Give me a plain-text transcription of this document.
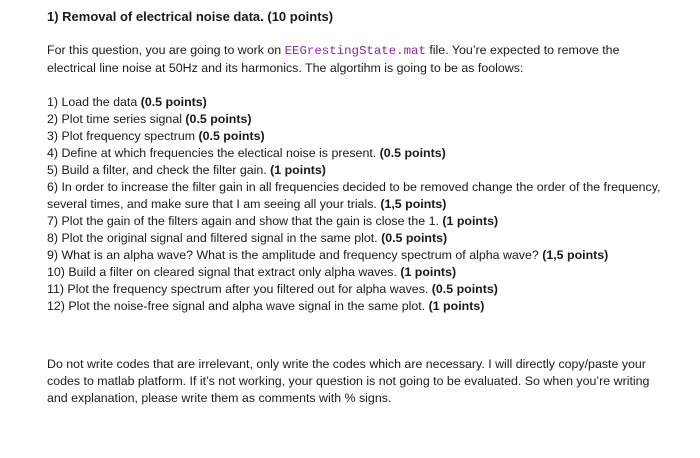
1) Removal of electrical noise data. (10 points)

For this question, you are going to work on EEGrestingState.mat file. You’re expected to remove the electrical line noise at 50Hz and its harmonics. The algortihm is going to be as foolows:

1) Load the data (0.5 points)
2) Plot time series signal (0.5 points)
3) Plot frequency spectrum (0.5 points)
4) Define at which frequencies the electical noise is present. (0.5 points)
5) Build a filter, and check the filter gain. (1 points)
6) In order to increase the filter gain in all frequencies decided to be removed change the order of the frequency, several times, and make sure that I am seeing all your trials. (1,5 points)
7) Plot the gain of the filters again and show that the gain is close the 1. (1 points)
8) Plot the original signal and filtered signal in the same plot. (0.5 points)
9) What is an alpha wave? What is the amplitude and frequency spectrum of alpha wave? (1,5 points)
10) Build a filter on cleared signal that extract only alpha waves. (1 points)
11) Plot the frequency spectrum after you filtered out for alpha waves. (0.5 points)
12) Plot the noise-free signal and alpha wave signal in the same plot. (1 points)

Do not write codes that are irrelevant, only write the codes which are necessary. I will directly copy/paste your codes to matlab platform. If it’s not working, your question is not going to be evaluated. So when you’re writing and explanation, please write them as comments with % signs.
